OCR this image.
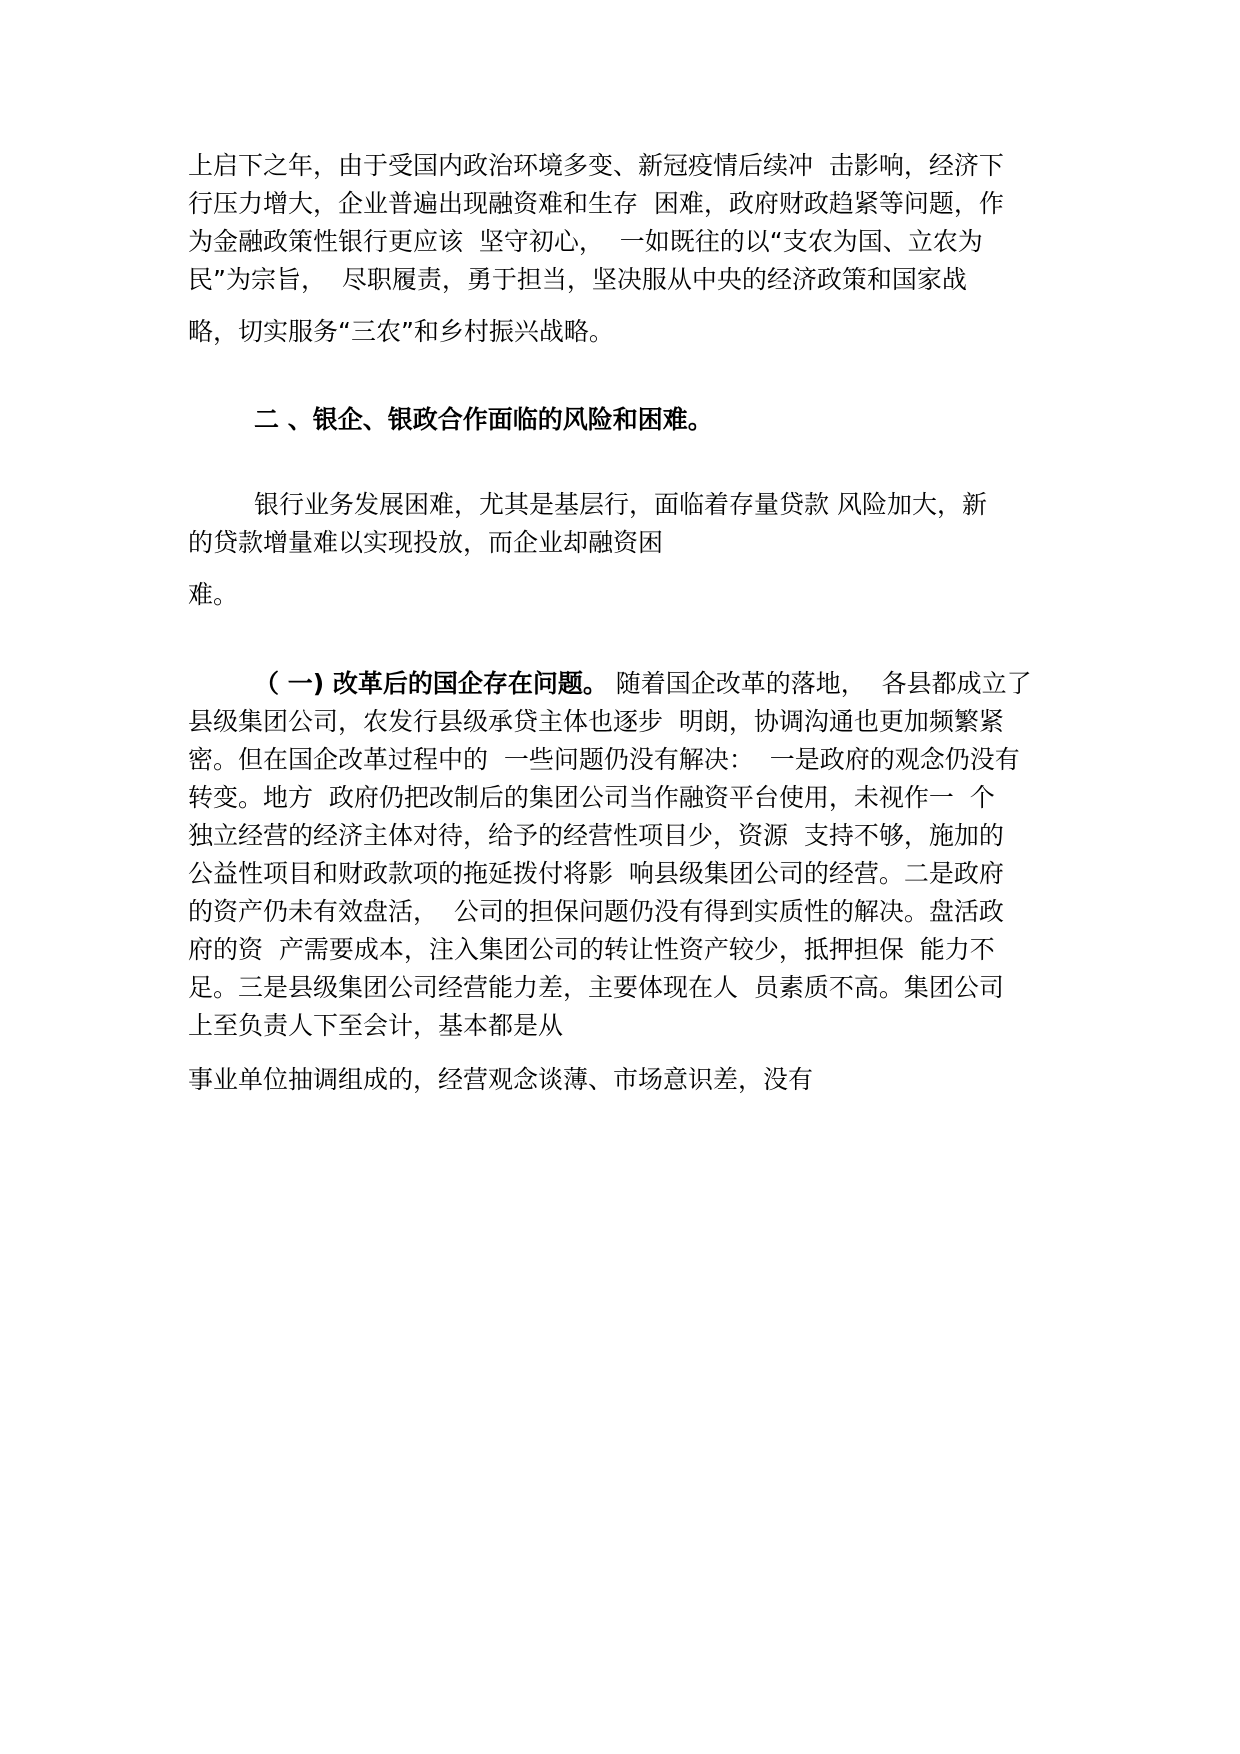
上启下之年，由于受国内政治环境多变、新冠疫情后续冲  击影响，经济下

行压力增大，企业普遍出现融资难和生存  困难，政府财政趋紧等问题，作

为金融政策性银行更应该  坚守初心，  一如既往的以“支农为国、立农为

民”为宗旨，  尽职履责，勇于担当，坚决服从中央的经济政策和国家战

略，切实服务“三农”和乡村振兴战略。

二 、银企、银政合作面临的风险和困难。

银行业务发展困难，尤其是基层行，面临着存量贷款 风险加大，新

的贷款增量难以实现投放，而企业却融资困

难。

（ 一) 改革后的国企存在问题。 随着国企改革的落地，  各县都成立了

县级集团公司，农发行县级承贷主体也逐步  明朗，协调沟通也更加频繁紧

密。但在国企改革过程中的  一些问题仍没有解决：  一是政府的观念仍没有

转变。地方  政府仍把改制后的集团公司当作融资平台使用，未视作一  个

独立经营的经济主体对待，给予的经营性项目少，资源  支持不够，施加的

公益性项目和财政款项的拖延拨付将影  响县级集团公司的经营。二是政府

的资产仍未有效盘活，  公司的担保问题仍没有得到实质性的解决。盘活政

府的资  产需要成本，注入集团公司的转让性资产较少，抵押担保  能力不

足。三是县级集团公司经营能力差，主要体现在人  员素质不高。集团公司

上至负责人下至会计，基本都是从

事业单位抽调组成的，经营观念谈薄、市场意识差，没有
